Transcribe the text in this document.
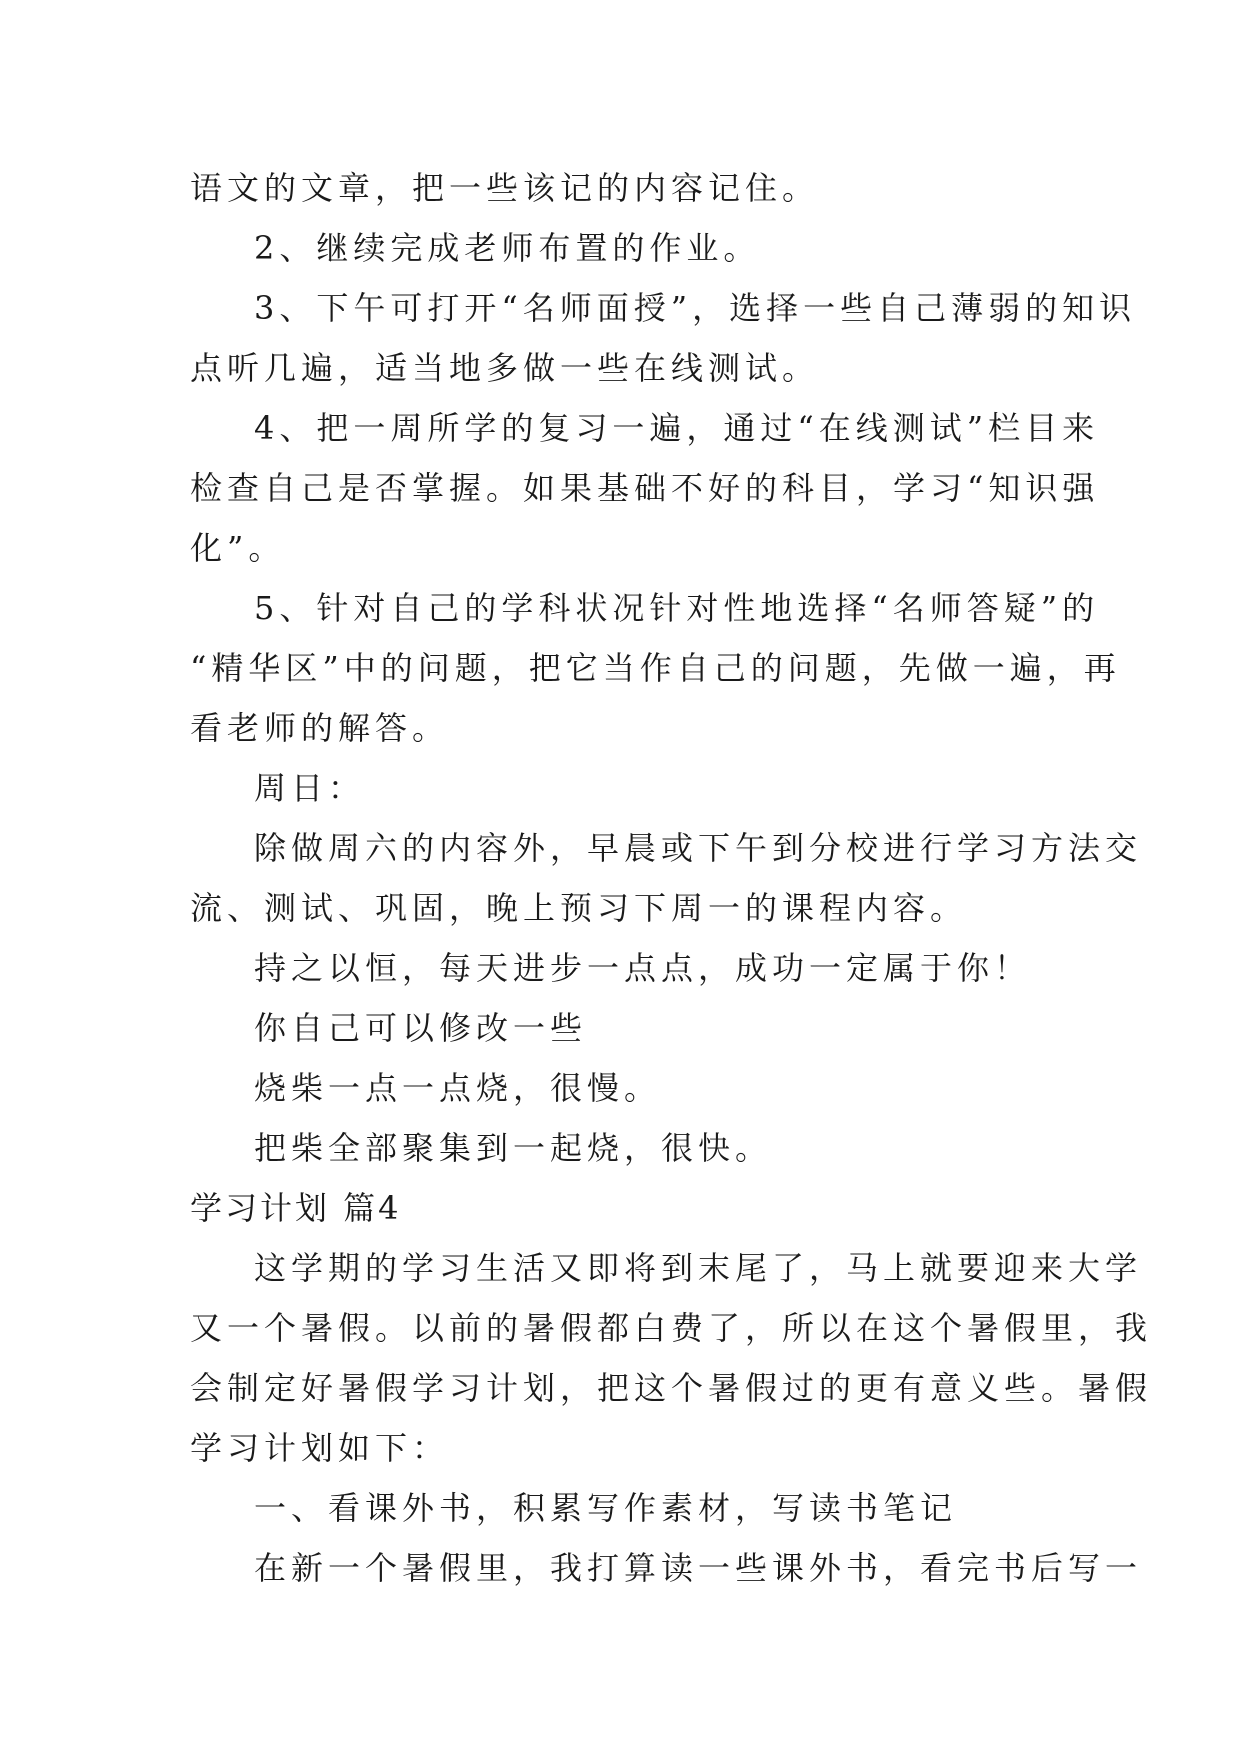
语文的文章，把一些该记的内容记住。
2、继续完成老师布置的作业。
3、下午可打开“名师面授”，选择一些自己薄弱的知识
点听几遍，适当地多做一些在线测试。
4、把一周所学的复习一遍，通过“在线测试”栏目来
检查自己是否掌握。如果基础不好的科目，学习“知识强
化”。
5、针对自己的学科状况针对性地选择“名师答疑”的
“精华区”中的问题，把它当作自己的问题，先做一遍，再
看老师的解答。
周日：
除做周六的内容外，早晨或下午到分校进行学习方法交
流、测试、巩固，晚上预习下周一的课程内容。
持之以恒，每天进步一点点，成功一定属于你！
你自己可以修改一些
烧柴一点一点烧，很慢。
把柴全部聚集到一起烧，很快。
学习计划 篇4
这学期的学习生活又即将到末尾了，马上就要迎来大学
又一个暑假。以前的暑假都白费了，所以在这个暑假里，我
会制定好暑假学习计划，把这个暑假过的更有意义些。暑假
学习计划如下：
一、看课外书，积累写作素材，写读书笔记
在新一个暑假里，我打算读一些课外书，看完书后写一
